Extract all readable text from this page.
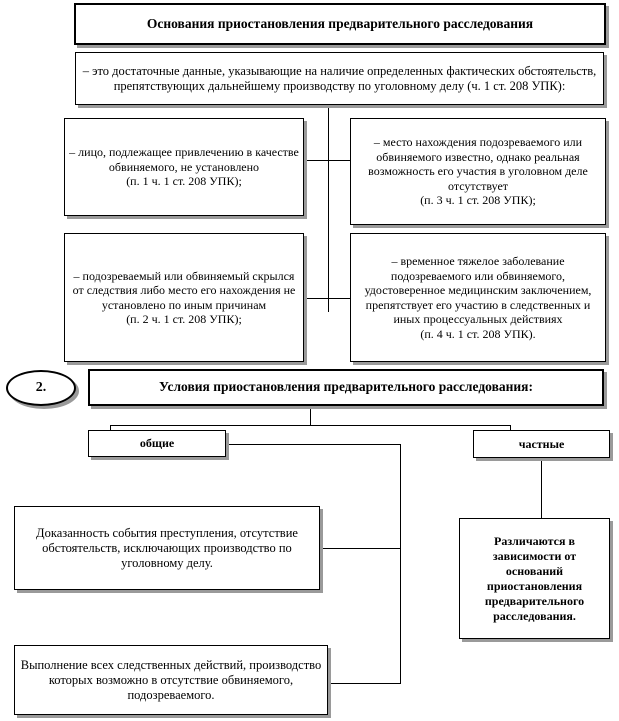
Основания приостановления предварительного расследования
– это достаточные данные, указывающие на наличие определенных фактических обстоятельств, препятствующих дальнейшему производству по уголовному делу (ч. 1 ст. 208 УПК):
– лицо, подлежащее привлечению в качестве обвиняемого, не установлено
(п. 1 ч. 1 ст. 208 УПК);
– место нахождения подозреваемого или обвиняемого известно, однако реальная возможность его участия в уголовном деле отсутствует
(п. 3 ч. 1 ст. 208 УПК);
– подозреваемый или обвиняемый скрылся от следствия либо место его нахождения не установлено по иным причинам
(п. 2 ч. 1 ст. 208 УПК);
– временное тяжелое заболевание подозреваемого или обвиняемого, удостоверенное медицинским заключением, препятствует его участию в следственных и иных процессуальных действиях
(п. 4 ч. 1 ст. 208 УПК).
2.	Условия приостановления предварительного расследования:
общие	частные
Доказанность события преступления, отсутствие обстоятельств, исключающих производство по уголовному делу.
Выполнение всех следственных действий, производство которых возможно в отсутствие обвиняемого, подозреваемого.
Различаются в зависимости от оснований приостановления предварительного расследования.
